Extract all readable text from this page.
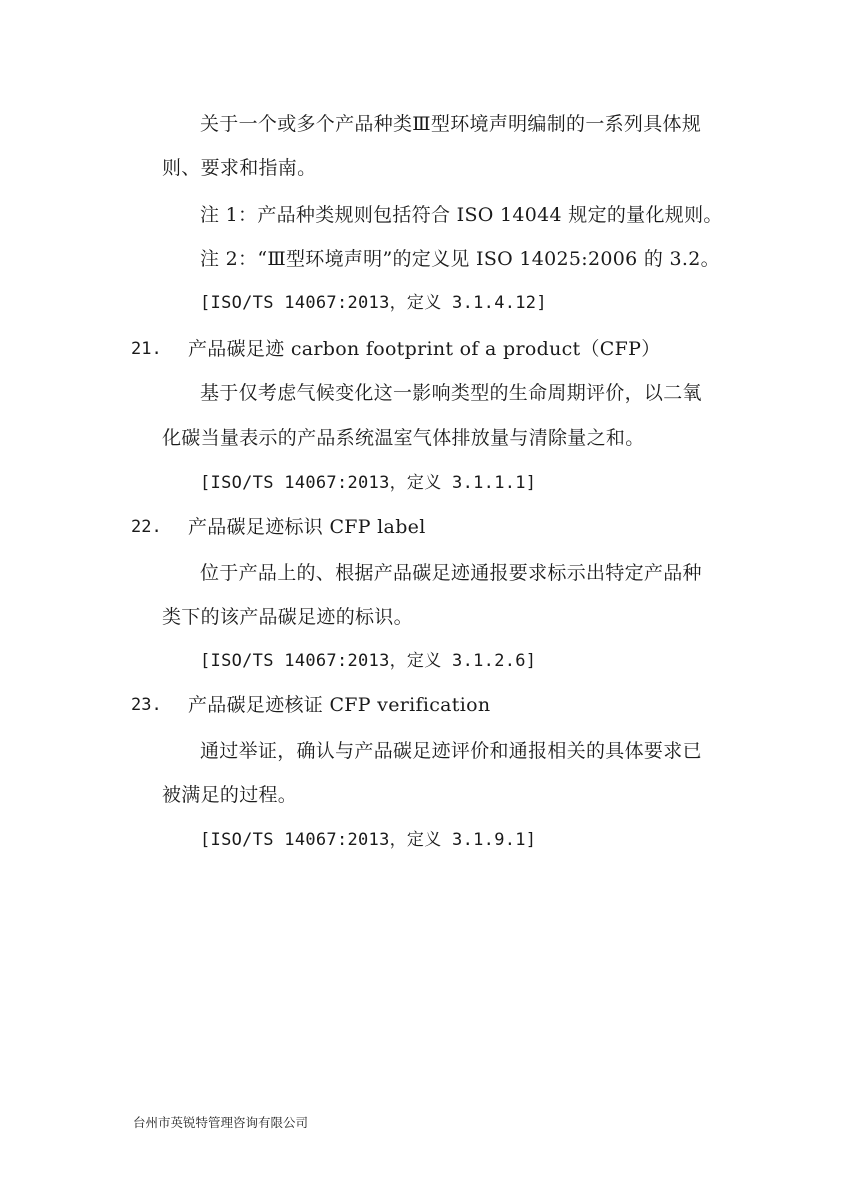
关于一个或多个产品种类Ⅲ型环境声明编制的一系列具体规
则、要求和指南。
注 1：产品种类规则包括符合 ISO 14044 规定的量化规则。
注 2：“Ⅲ型环境声明”的定义见 ISO 14025:2006 的 3.2。
[ISO/TS 14067:2013，定义 3.1.4.12]
21. 产品碳足迹 carbon footprint of a product（CFP）
基于仅考虑气候变化这一影响类型的生命周期评价，以二氧
化碳当量表示的产品系统温室气体排放量与清除量之和。
[ISO/TS 14067:2013，定义 3.1.1.1]
22. 产品碳足迹标识 CFP label
位于产品上的、根据产品碳足迹通报要求标示出特定产品种
类下的该产品碳足迹的标识。
[ISO/TS 14067:2013，定义 3.1.2.6]
23. 产品碳足迹核证 CFP verification
通过举证，确认与产品碳足迹评价和通报相关的具体要求已
被满足的过程。
[ISO/TS 14067:2013，定义 3.1.9.1]
台州市英锐特管理咨询有限公司
